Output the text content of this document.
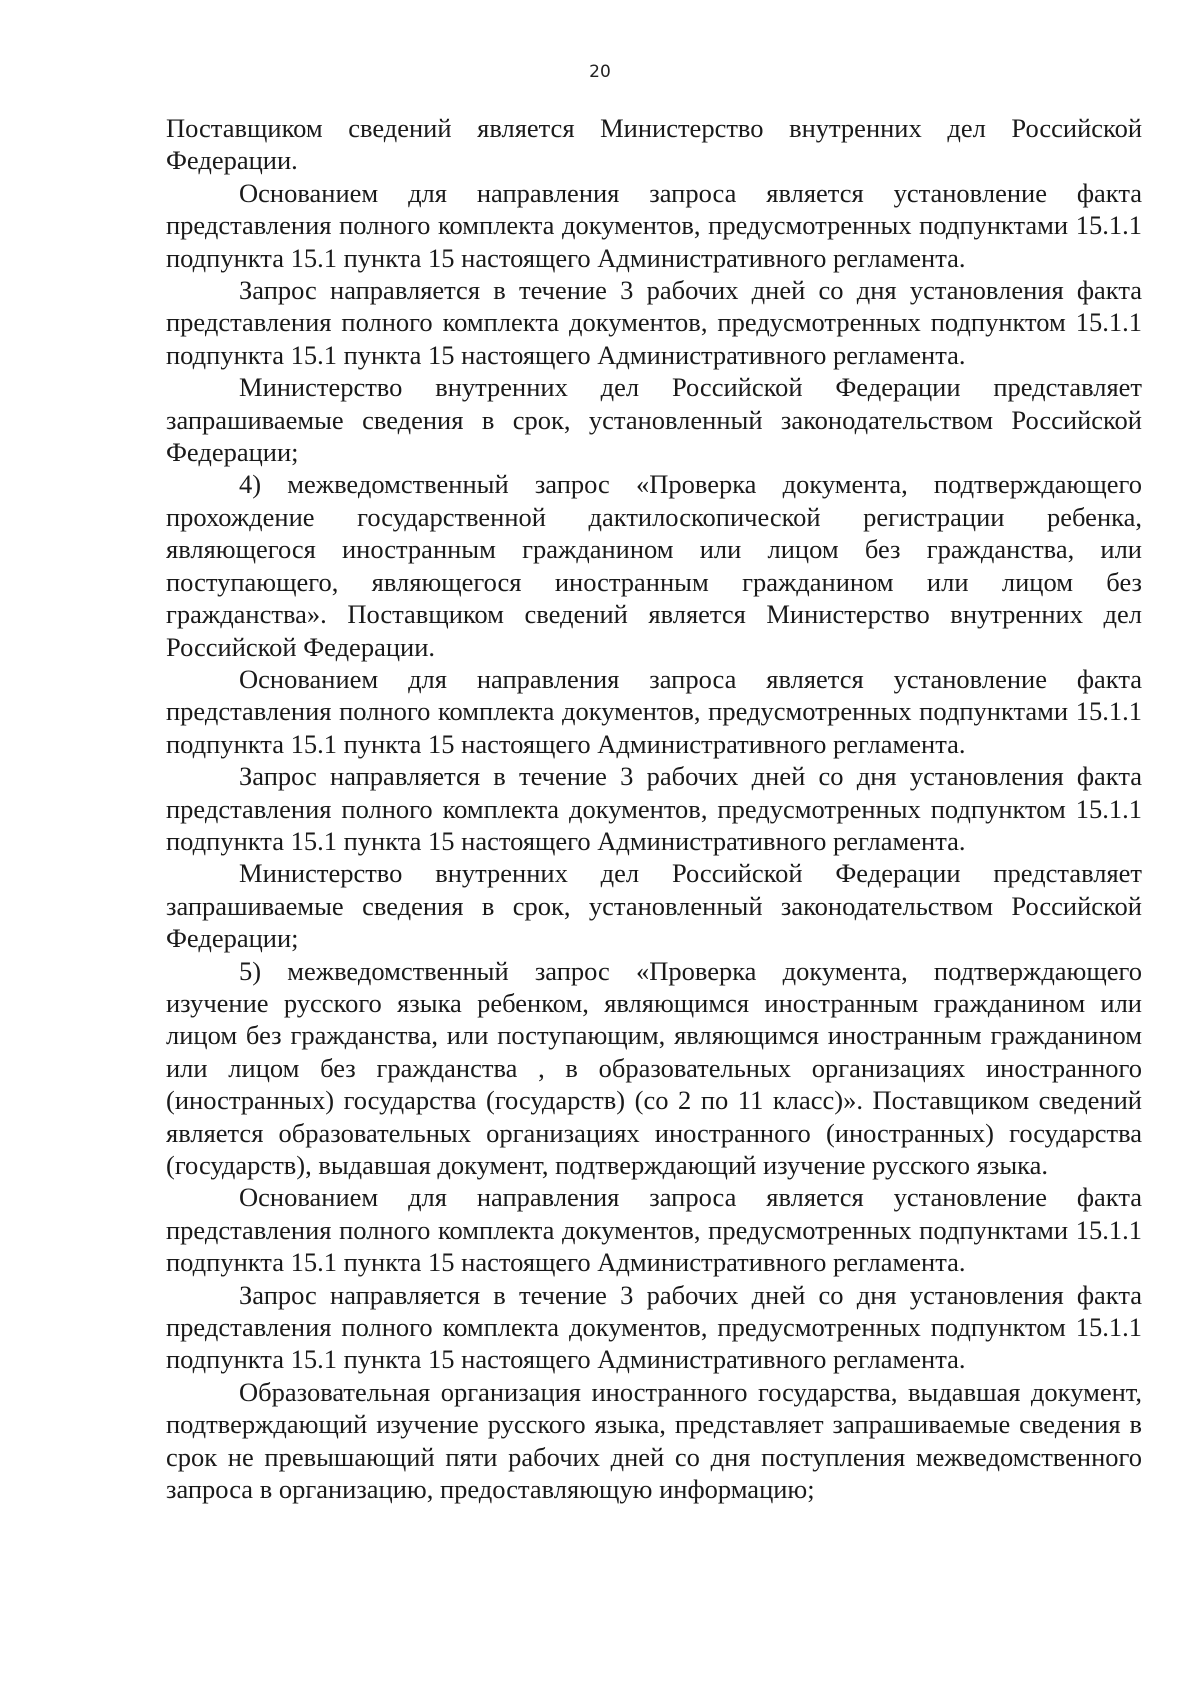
20

Поставщиком сведений является Министерство внутренних дел Российской Федерации.

Основанием для направления запроса является установление факта представления полного комплекта документов, предусмотренных подпунктами 15.1.1 подпункта 15.1 пункта 15 настоящего Административного регламента.

Запрос направляется в течение 3 рабочих дней со дня установления факта представления полного комплекта документов, предусмотренных подпунктом 15.1.1 подпункта 15.1 пункта 15 настоящего Административного регламента.

Министерство внутренних дел Российской Федерации представляет запрашиваемые сведения в срок, установленный законодательством Российской Федерации;

4) межведомственный запрос «Проверка документа, подтверждающего прохождение государственной дактилоскопической регистрации ребенка, являющегося иностранным гражданином или лицом без гражданства, или поступающего, являющегося иностранным гражданином или лицом без гражданства». Поставщиком сведений является Министерство внутренних дел Российской Федерации.

Основанием для направления запроса является установление факта представления полного комплекта документов, предусмотренных подпунктами 15.1.1 подпункта 15.1 пункта 15 настоящего Административного регламента.

Запрос направляется в течение 3 рабочих дней со дня установления факта представления полного комплекта документов, предусмотренных подпунктом 15.1.1 подпункта 15.1 пункта 15 настоящего Административного регламента.

Министерство внутренних дел Российской Федерации представляет запрашиваемые сведения в срок, установленный законодательством Российской Федерации;

5) межведомственный запрос «Проверка документа, подтверждающего изучение русского языка ребенком, являющимся иностранным гражданином или лицом без гражданства, или поступающим, являющимся иностранным гражданином или лицом без гражданства , в образовательных организациях иностранного (иностранных) государства (государств) (со 2 по 11 класс)». Поставщиком сведений является образовательных организациях иностранного (иностранных) государства (государств), выдавшая документ, подтверждающий изучение русского языка.

Основанием для направления запроса является установление факта представления полного комплекта документов, предусмотренных подпунктами 15.1.1 подпункта 15.1 пункта 15 настоящего Административного регламента.

Запрос направляется в течение 3 рабочих дней со дня установления факта представления полного комплекта документов, предусмотренных подпунктом 15.1.1 подпункта 15.1 пункта 15 настоящего Административного регламента.

Образовательная организация иностранного государства, выдавшая документ, подтверждающий изучение русского языка, представляет запрашиваемые сведения в срок не превышающий пяти рабочих дней со дня поступления межведомственного запроса в организацию, предоставляющую информацию;
